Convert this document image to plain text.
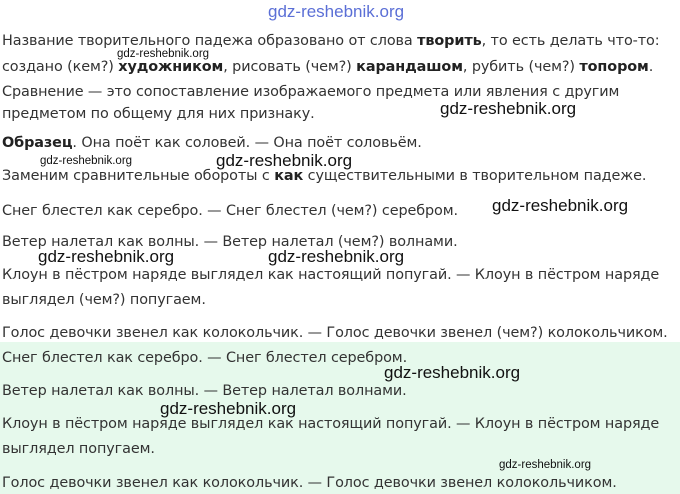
Название творительного падежа образовано от слова творить, то есть делать что-то:

создано (кем?) художником, рисовать (чем?) карандашом, рубить (чем?) топором.

Сравнение — это сопоставление изображаемого предмета или явления с другим

предметом по общему для них признаку.

Образец. Она поёт как соловей. — Она поёт соловьём.

Заменим сравнительные обороты с как существительными в творительном падеже.

Снег блестел как серебро. — Снег блестел (чем?) серебром.

Ветер налетал как волны. — Ветер налетал (чем?) волнами.

Клоун в пёстром наряде выглядел как настоящий попугай. — Клоун в пёстром наряде

выглядел (чем?) попугаем.

Голос девочки звенел как колокольчик. — Голос девочки звенел (чем?) колокольчиком.

Снег блестел как серебро. — Снег блестел серебром.

Ветер налетал как волны. — Ветер налетал волнами.

Клоун в пёстром наряде выглядел как настоящий попугай. — Клоун в пёстром наряде

выглядел попугаем.

Голос девочки звенел как колокольчик. — Голос девочки звенел колокольчиком.

gdz-reshebnik.org
gdz-reshebnik.org
gdz-reshebnik.org
gdz-reshebnik.org	gdz-reshebnik.org
gdz-reshebnik.org
gdz-reshebnik.org	gdz-reshebnik.org
gdz-reshebnik.org
gdz-reshebnik.org
gdz-reshebnik.org
